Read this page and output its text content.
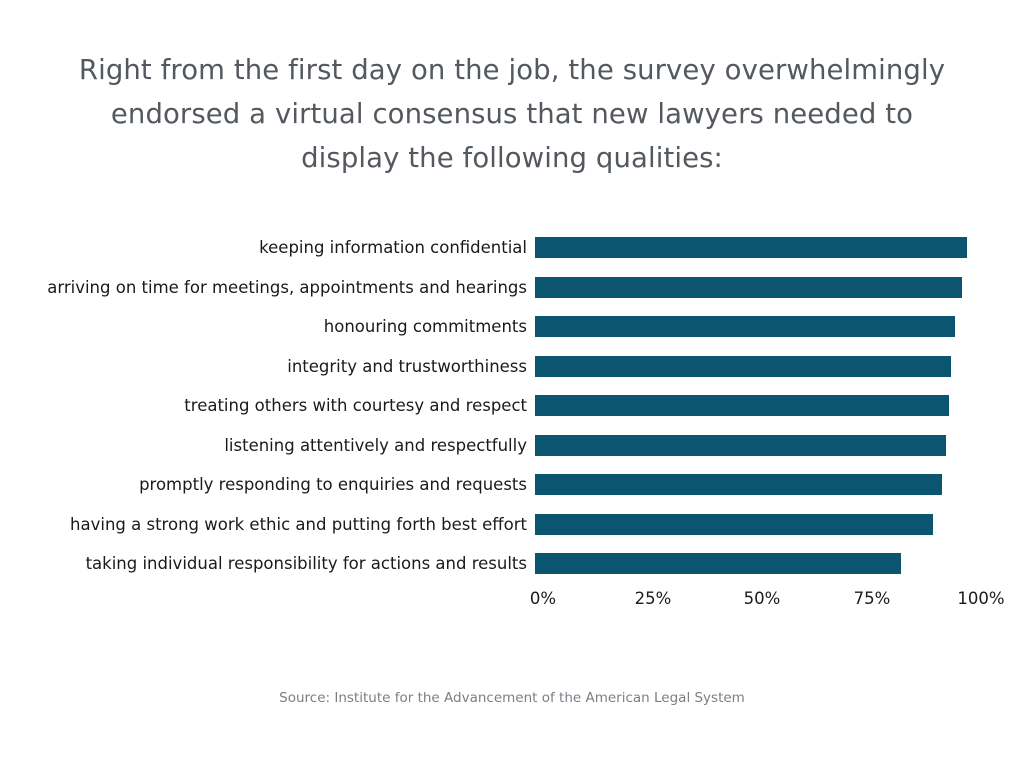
Right from the first day on the job, the survey overwhelmingly endorsed a virtual consensus that new lawyers needed to display the following qualities:
keeping information confidential
arriving on time for meetings, appointments and hearings
honouring commitments
integrity and trustworthiness
treating others with courtesy and respect
listening attentively and respectfully
promptly responding to enquiries and requests
having a strong work ethic and putting forth best effort
taking individual responsibility for actions and results
0%	25%	50%	75%	100%
Source: Institute for the Advancement of the American Legal System
